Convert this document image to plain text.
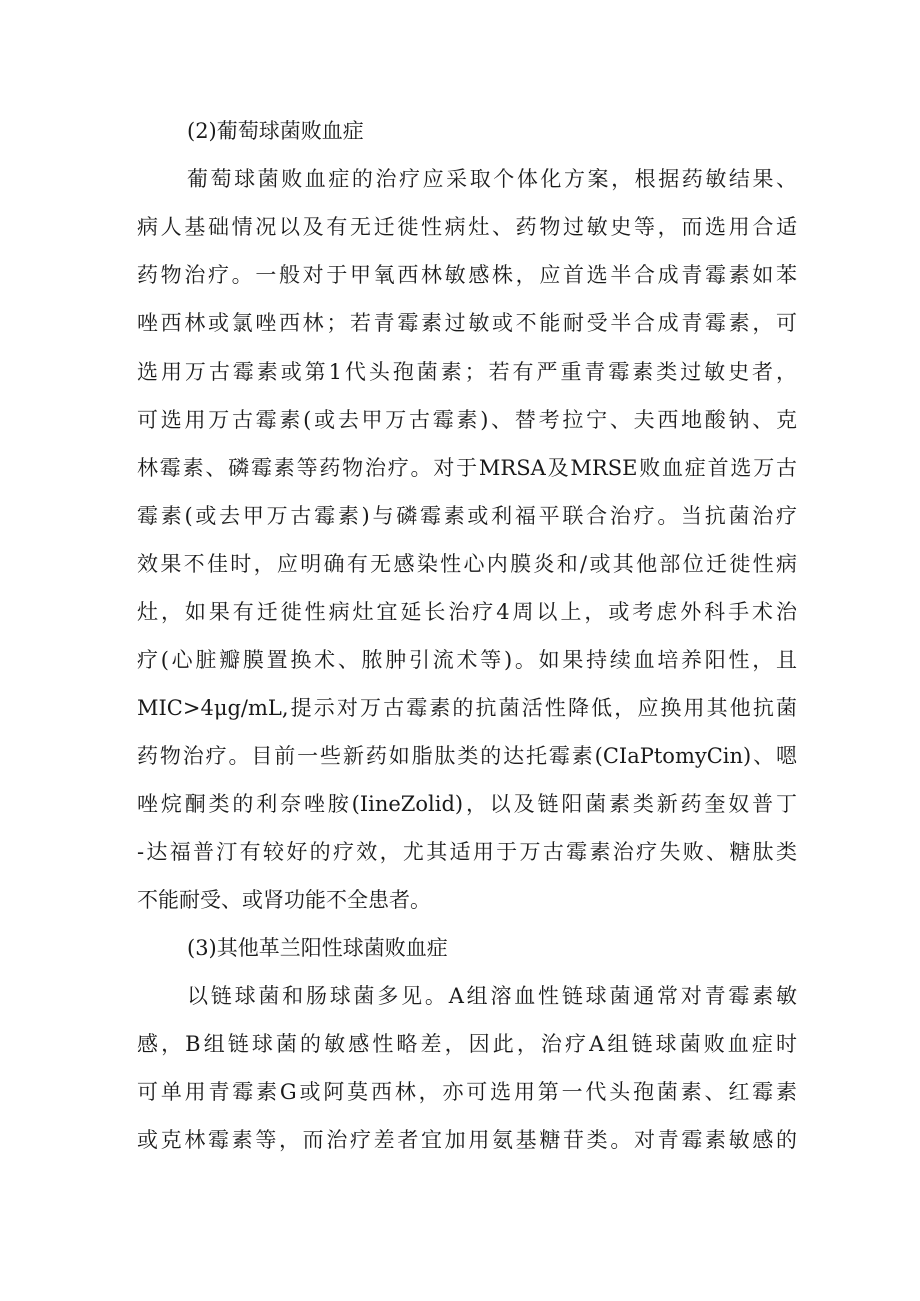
(2)葡萄球菌败血症
葡萄球菌败血症的治疗应采取个体化方案，根据药敏结果、
病人基础情况以及有无迁徙性病灶、药物过敏史等，而选用合适
药物治疗。一般对于甲氧西林敏感株，应首选半合成青霉素如苯
唑西林或氯唑西林；若青霉素过敏或不能耐受半合成青霉素，可
选用万古霉素或第1代头孢菌素；若有严重青霉素类过敏史者，
可选用万古霉素(或去甲万古霉素)、替考拉宁、夫西地酸钠、克
林霉素、磷霉素等药物治疗。对于MRSA及MRSE败血症首选万古
霉素(或去甲万古霉素)与磷霉素或利福平联合治疗。当抗菌治疗
效果不佳时，应明确有无感染性心内膜炎和/或其他部位迁徙性病
灶，如果有迁徙性病灶宜延长治疗4周以上，或考虑外科手术治
疗(心脏瓣膜置换术、脓肿引流术等)。如果持续血培养阳性，且
MIC>4μg/mL,提示对万古霉素的抗菌活性降低，应换用其他抗菌
药物治疗。目前一些新药如脂肽类的达托霉素(CIaPtomyCin)、嗯
唑烷酮类的利奈唑胺(IineZolid)，以及链阳菌素类新药奎奴普丁
-达福普汀有较好的疗效，尤其适用于万古霉素治疗失败、糖肽类
不能耐受、或肾功能不全患者。
(3)其他革兰阳性球菌败血症
以链球菌和肠球菌多见。A组溶血性链球菌通常对青霉素敏
感，B组链球菌的敏感性略差，因此，治疗A组链球菌败血症时
可单用青霉素G或阿莫西林，亦可选用第一代头孢菌素、红霉素
或克林霉素等，而治疗差者宜加用氨基糖苷类。对青霉素敏感的
